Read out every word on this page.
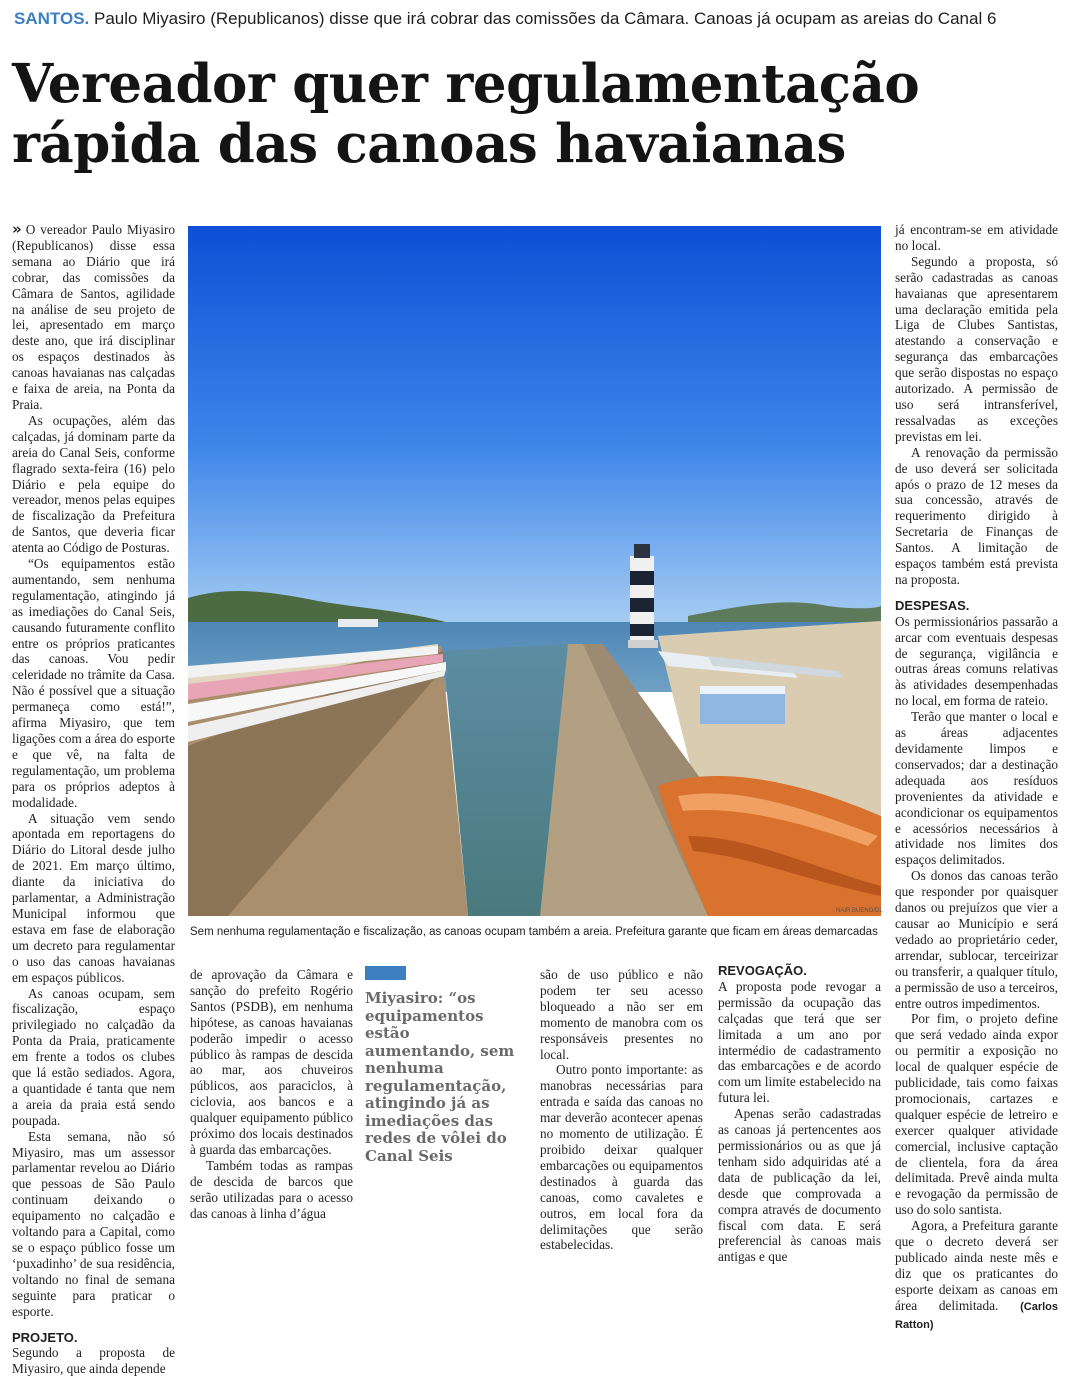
SANTOS. Paulo Miyasiro (Republicanos) disse que irá cobrar das comissões da Câmara. Canoas já ocupam as areias do Canal 6
Vereador quer regulamentação
rápida das canoas havaianas

» O vereador Paulo Miyasiro (Republicanos) disse essa semana ao Diário que irá cobrar, das comissões da Câmara de Santos, agilidade na análise de seu projeto de lei, apresentado em março deste ano, que irá disciplinar os espaços destinados às canoas havaianas nas calçadas e faixa de areia, na Ponta da Praia.

As ocupações, além das calçadas, já dominam parte da areia do Canal Seis, conforme flagrado sexta-feira (16) pelo Diário e pela equipe do vereador, menos pelas equipes de fiscalização da Prefeitura de Santos, que deveria ficar atenta ao Código de Posturas.

“Os equipamentos estão aumentando, sem nenhuma regulamentação, atingindo já as imediações do Canal Seis, causando futuramente conflito entre os próprios praticantes das canoas. Vou pedir celeridade no trâmite da Casa. Não é possível que a situação permaneça como está!”, afirma Miyasiro, que tem ligações com a área do esporte e que vê, na falta de regulamentação, um problema para os próprios adeptos à modalidade.

A situação vem sendo apontada em reportagens do Diário do Litoral desde julho de 2021. Em março último, diante da iniciativa do parlamentar, a Administração Municipal informou que estava em fase de elaboração um decreto para regulamentar o uso das canoas havaianas em espaços públicos.

As canoas ocupam, sem fiscalização, espaço privilegiado no calçadão da Ponta da Praia, praticamente em frente a todos os clubes que lá estão sediados. Agora, a quantidade é tanta que nem a areia da praia está sendo poupada.

Esta semana, não só Miyasiro, mas um assessor parlamentar revelou ao Diário que pessoas de São Paulo continuam deixando o equipamento no calçadão e voltando para a Capital, como se o espaço público fosse um ‘puxadinho’ de sua residência, voltando no final de semana seguinte para praticar o esporte.

PROJETO.

Segundo a proposta de Miyasiro, que ainda depende

NAIR BUENO/DL
Sem nenhuma regulamentação e fiscalização, as canoas ocupam também a areia. Prefeitura garante que ficam em áreas demarcadas

de aprovação da Câmara e sanção do prefeito Rogério Santos (PSDB), em nenhuma hipótese, as canoas havaianas poderão impedir o acesso público às rampas de descida ao mar, aos chuveiros públicos, aos paraciclos, à ciclovia, aos bancos e a qualquer equipamento público próximo dos locais destinados à guarda das embarcações.

Também todas as rampas de descida de barcos que serão utilizadas para o acesso das canoas à linha d’água

Miyasiro: “os equipamentos estão aumentando, sem nenhuma regulamentação, atingindo já as imediações das redes de vôlei do Canal Seis

são de uso público e não podem ter seu acesso bloqueado a não ser em momento de manobra com os responsáveis presentes no local.

Outro ponto importante: as manobras necessárias para entrada e saída das canoas no mar deverão acontecer apenas no momento de utilização. É proibido deixar qualquer embarcações ou equipamentos destinados à guarda das canoas, como cavaletes e outros, em local fora da delimitações que serão estabelecidas.

REVOGAÇÃO.

A proposta pode revogar a permissão da ocupação das calçadas que terá que ser limitada a um ano por intermédio de cadastramento das embarcações e de acordo com um limite estabelecido na futura lei.

Apenas serão cadastradas as canoas já pertencentes aos permissionários ou as que já tenham sido adquiridas até a data de publicação da lei, desde que comprovada a compra através de documento fiscal com data. E será preferencial às canoas mais antigas e que

já encontram-se em atividade no local.

Segundo a proposta, só serão cadastradas as canoas havaianas que apresentarem uma declaração emitida pela Liga de Clubes Santistas, atestando a conservação e segurança das embarcações que serão dispostas no espaço autorizado. A permissão de uso será intransferível, ressalvadas as exceções previstas em lei.

A renovação da permissão de uso deverá ser solicitada após o prazo de 12 meses da sua concessão, através de requerimento dirigido à Secretaria de Finanças de Santos. A limitação de espaços também está prevista na proposta.

DESPESAS.

Os permissionários passarão a arcar com eventuais despesas de segurança, vigilância e outras áreas comuns relativas às atividades desempenhadas no local, em forma de rateio.

Terão que manter o local e as áreas adjacentes devidamente limpos e conservados; dar a destinação adequada aos resíduos provenientes da atividade e acondicionar os equipamentos e acessórios necessários à atividade nos limites dos espaços delimitados.

Os donos das canoas terão que responder por quaisquer danos ou prejuízos que vier a causar ao Município e será vedado ao proprietário ceder, arrendar, sublocar, terceirizar ou transferir, a qualquer título, a permissão de uso a terceiros, entre outros impedimentos.

Por fim, o projeto define que será vedado ainda expor ou permitir a exposição no local de qualquer espécie de publicidade, tais como faixas promocionais, cartazes e qualquer espécie de letreiro e exercer qualquer atividade comercial, inclusive captação de clientela, fora da área delimitada. Prevê ainda multa e revogação da permissão de uso do solo santista.

Agora, a Prefeitura garante que o decreto deverá ser publicado ainda neste mês e diz que os praticantes do esporte deixam as canoas em área delimitada. (Carlos Ratton)
